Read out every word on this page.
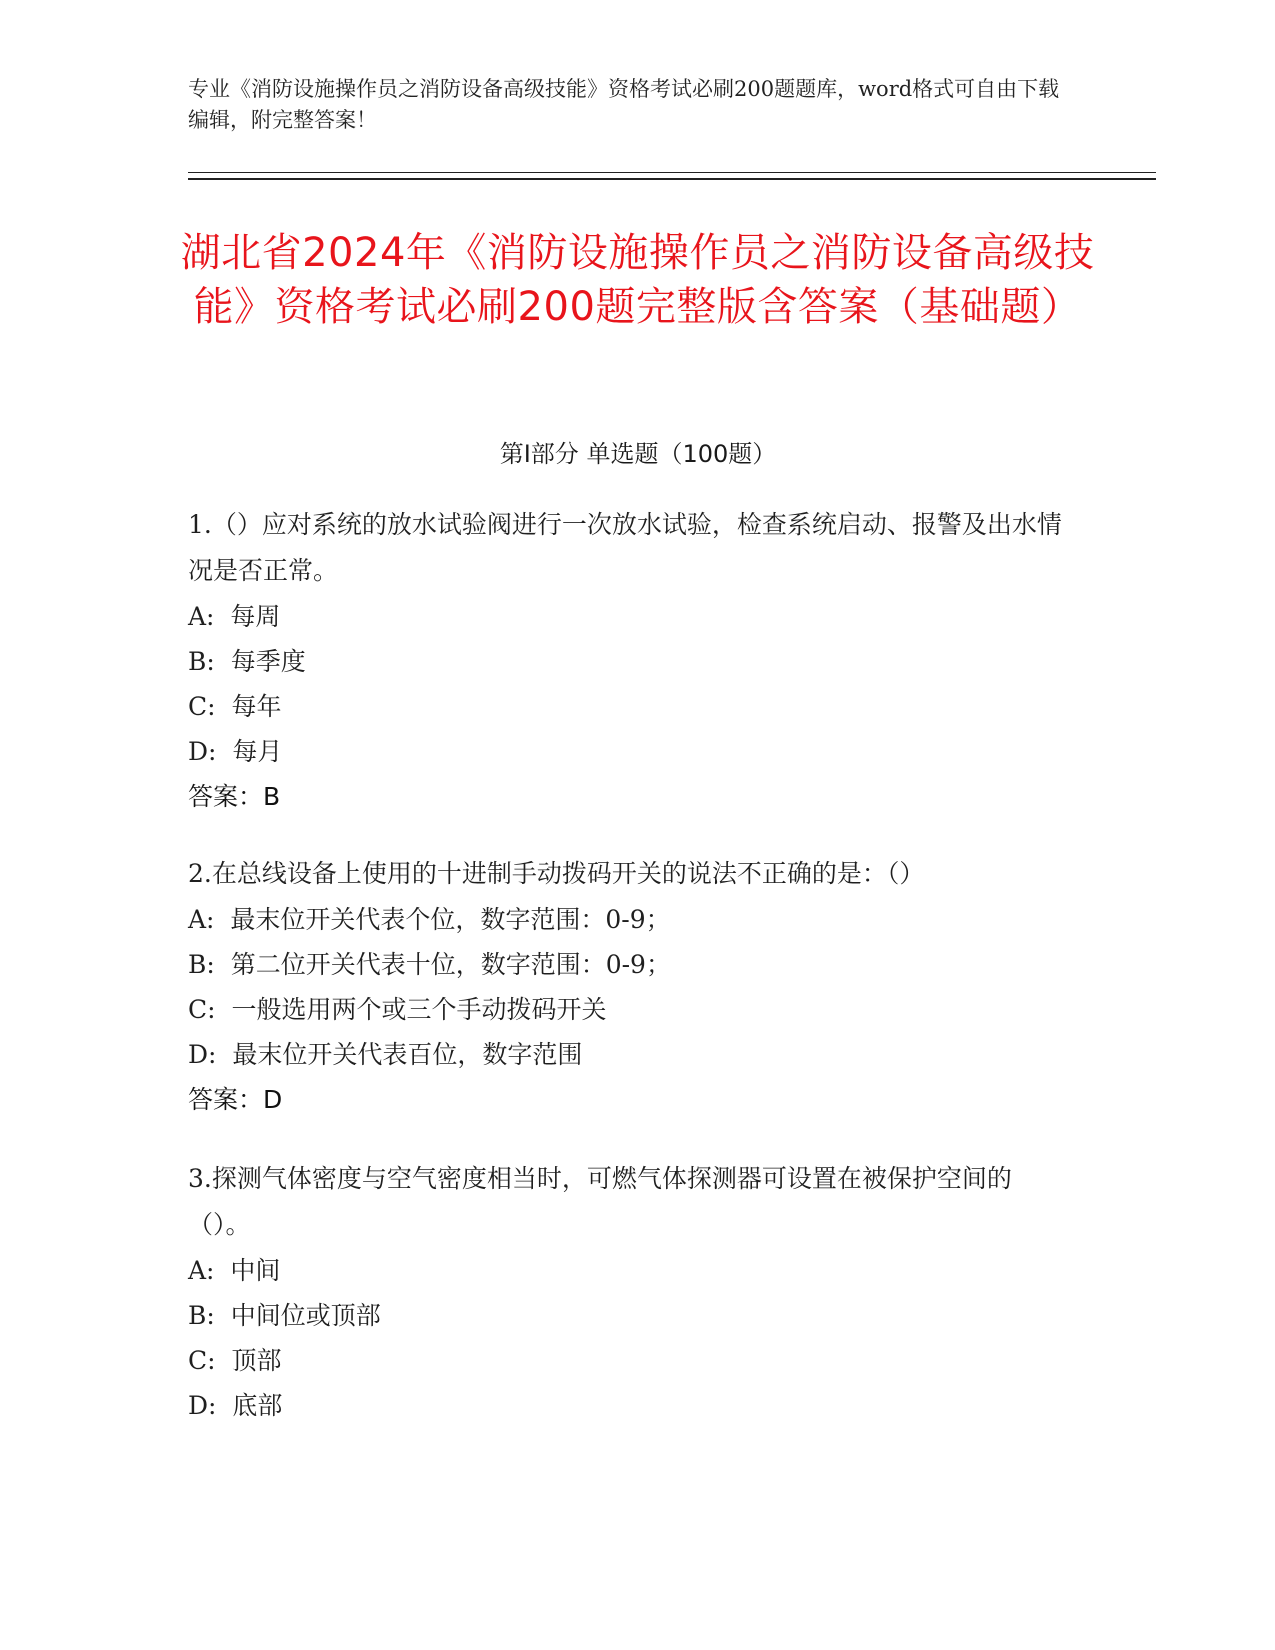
专业《消防设施操作员之消防设备高级技能》资格考试必刷200题题库，word格式可自由下载编辑，附完整答案！
湖北省2024年《消防设施操作员之消防设备高级技能》资格考试必刷200题完整版含答案（基础题）
第Ⅰ部分 单选题（100题）

1.（）应对系统的放水试验阀进行一次放水试验，检查系统启动、报警及出水情况是否正常。

A:  每周

B:  每季度

C:  每年

D:  每月

答案：B

2.在总线设备上使用的十进制手动拨码开关的说法不正确的是：（）

A:  最末位开关代表个位，数字范围：0-9；

B:  第二位开关代表十位，数字范围：0-9；

C:  一般选用两个或三个手动拨码开关

D:  最末位开关代表百位，数字范围

答案：D

3.探测气体密度与空气密度相当时，可燃气体探测器可设置在被保护空间的（）。

A:  中间

B:  中间位或顶部

C:  顶部

D:  底部
